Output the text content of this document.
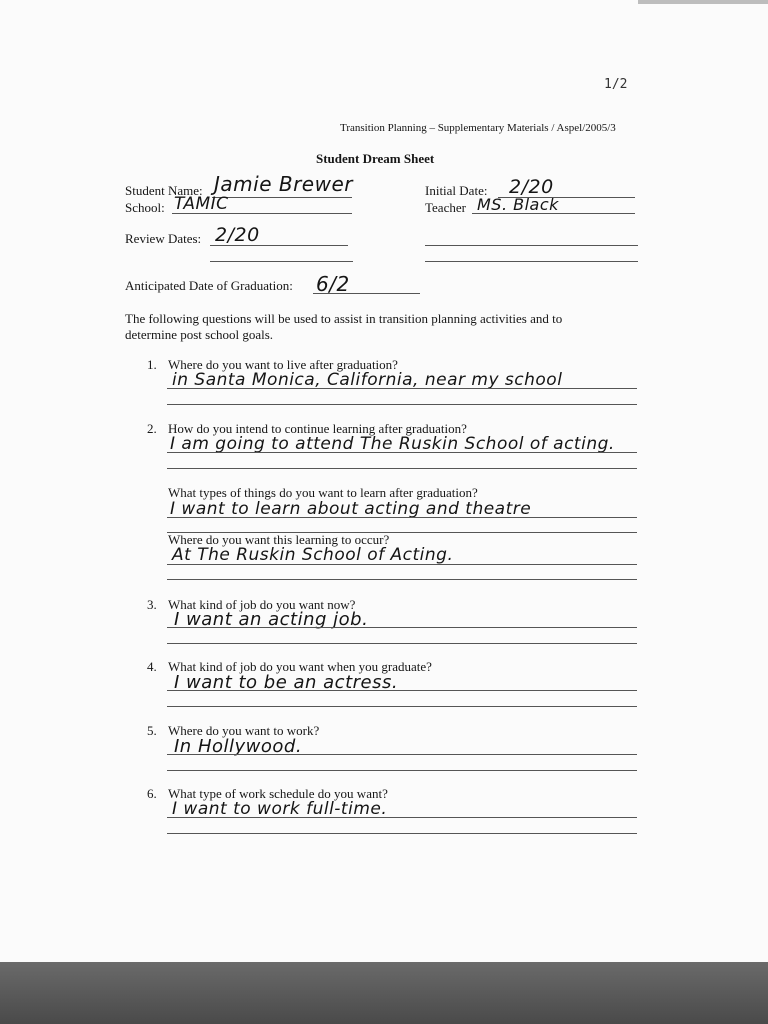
1/2
Transition Planning – Supplementary Materials / Aspel/2005/3
Student Dream Sheet
Student Name: Jamie Brewer
School: TAMIC
Initial Date: 2/20
Teacher MS. Black
Review Dates: 2/20
Anticipated Date of Graduation: 6/2
The following questions will be used to assist in transition planning activities and to
determine post school goals.
1. Where do you want to live after graduation?
in Santa Monica, California, near my school
2. How do you intend to continue learning after graduation?
I am going to attend The Ruskin School of acting.
What types of things do you want to learn after graduation?
I want to learn about acting and theatre
Where do you want this learning to occur?
At The Ruskin School of Acting.
3. What kind of job do you want now?
I want an acting job.
4. What kind of job do you want when you graduate?
I want to be an actress.
5. Where do you want to work?
In Hollywood.
6. What type of work schedule do you want?
I want to work full-time.
